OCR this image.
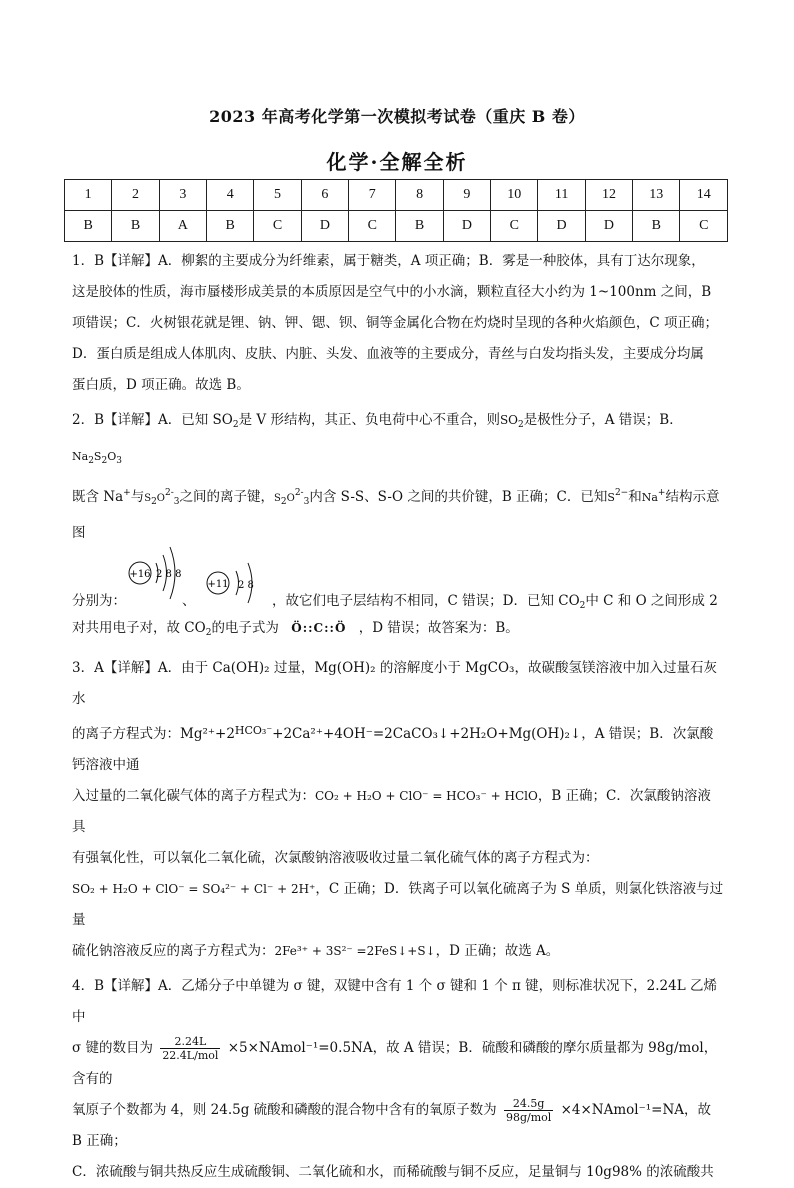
2023 年高考化学第一次模拟考试卷（重庆 B 卷）
化学·全解全析
1	2	3	4	5	6	7	8	9	10	11	12	13	14
B	B	A	B	C	D	C	B	D	C	D	D	B	C

1．B【详解】A．柳絮的主要成分为纤维素，属于糖类，A 项正确；B．雾是一种胶体，具有丁达尔现象，

这是胶体的性质，海市蜃楼形成美景的本质原因是空气中的小水滴，颗粒直径大小约为 1~100nm 之间，B

项错误；C．火树银花就是锂、钠、钾、锶、钡、铜等金属化合物在灼烧时呈现的各种火焰颜色，C 项正确；

D．蛋白质是组成人体肌肉、皮肤、内脏、头发、血液等的主要成分，青丝与白发均指头发，主要成分均属

蛋白质，D 项正确。故选 B。

2．B【详解】A．已知 $SO_2$是 V 形结构，其正、负电荷中心不重合，则$SO_2$是极性分子，A 错误；B． $^{Na_2S_2O_3}$

既含 Na+与S2O2-3之间的离子键，S2O2-3内含 S-S、S-O 之间的共价键，B 正确；C．已知$S^{2-}$和Na+结构示意图

分别为：
+16 2 8 8
、
+11 2 8
，故它们电子层结构不相同，C 错误；D．已知 $CO_2$中 C 和 O 之间形成 2

对共用电子对，故 $CO_2$的电子式为 Ö::C::Ö ，D 错误；故答案为：B。

3．A【详解】A．由于 Ca(OH)₂ 过量，Mg(OH)₂ 的溶解度小于 MgCO₃，故碳酸氢镁溶液中加入过量石灰水

的离子方程式为：$Mg^{2+}+2^{HCO_3^-}+2Ca^{2+}+4OH^-=2CaCO_3↓+2H_2O+Mg(OH)_2↓$，A 错误；B．次氯酸钙溶液中通

入过量的二氧化碳气体的离子方程式为：CO₂ + H₂O + ClO⁻ = HCO₃⁻ + HClO，B 正确；C．次氯酸钠溶液具

有强氧化性，可以氧化二氧化硫，次氯酸钠溶液吸收过量二氧化硫气体的离子方程式为：

SO₂ + H₂O + ClO⁻ = SO₄²⁻ + Cl⁻ + 2H⁺，C 正确；D．铁离子可以氧化硫离子为 S 单质，则氯化铁溶液与过量

硫化钠溶液反应的离子方程式为：2Fe³⁺ + 3S²⁻ =2FeS↓+S↓，D 正确；故选 A。

4．B【详解】A．乙烯分子中单键为 σ 键，双键中含有 1 个 σ 键和 1 个 π 键，则标准状况下，2.24L 乙烯中

σ 键的数目为 $\frac{2.24L}{\text{22.4L/mol}}$ ×5×NAmol⁻¹=0.5NA，故 A 错误；B．硫酸和磷酸的摩尔质量都为 98g/mol，含有的

氧原子个数都为 4，则 24.5g 硫酸和磷酸的混合物中含有的氧原子数为 $\frac{24.5g}{\text{98g/mol}}$ ×4×NAmol⁻¹=NA，故 B 正确；

C．浓硫酸与铜共热反应生成硫酸铜、二氧化硫和水，而稀硫酸与铜不反应，足量铜与 10g98% 的浓硫酸共
